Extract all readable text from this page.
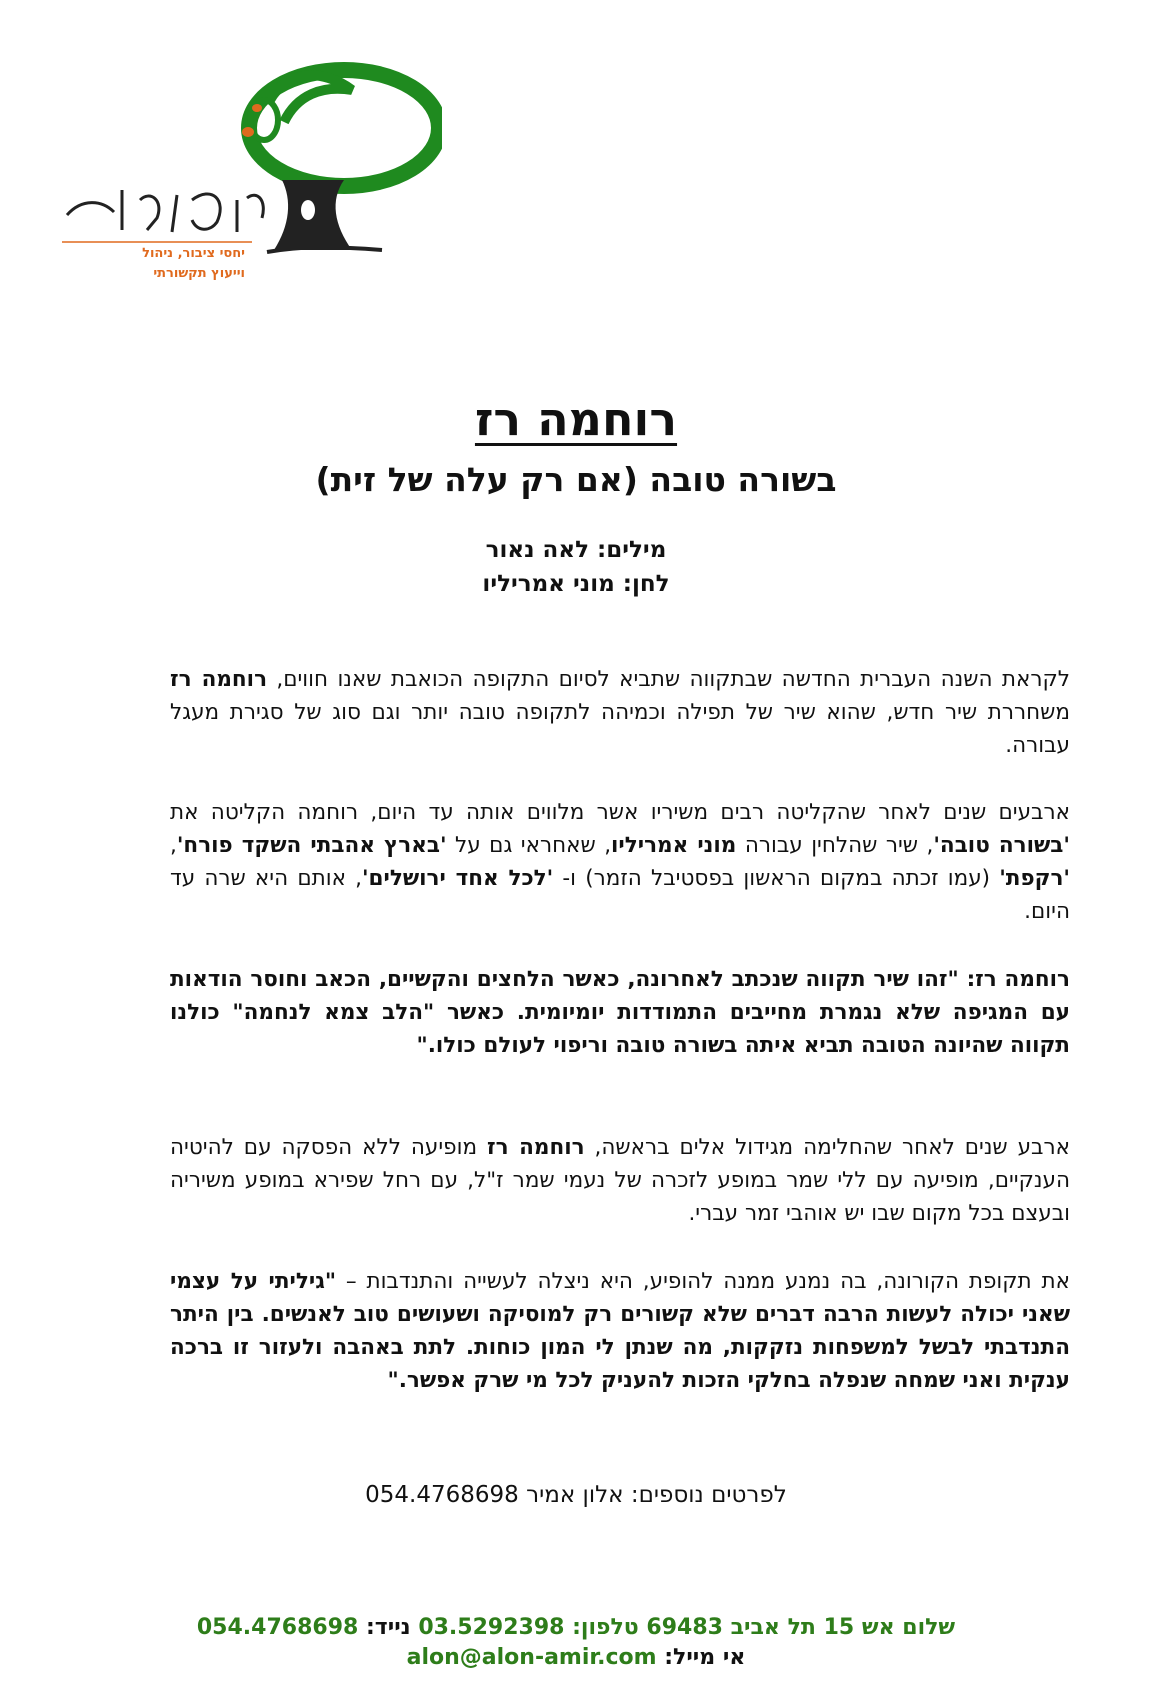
יחסי ציבור, ניהול
וייעוץ תקשורתי
רוחמה רז
בשורה טובה (אם רק עלה של זית)
מילים: לאה נאור
לחן: מוני אמריליו

לקראת השנה העברית החדשה שבתקווה שתביא לסיום התקופה הכואבת שאנו חווים, רוחמה רז משחררת שיר חדש, שהוא שיר של תפילה וכמיהה לתקופה טובה יותר וגם סוג של סגירת מעגל עבורה.

ארבעים שנים לאחר שהקליטה רבים משיריו אשר מלווים אותה עד היום, רוחמה הקליטה את 'בשורה טובה', שיר שהלחין עבורה מוני אמריליו, שאחראי גם על 'בארץ אהבתי השקד פורח', 'רקפת' (עמו זכתה במקום הראשון בפסטיבל הזמר) ו- 'לכל אחד ירושלים', אותם היא שרה עד היום.

רוחמה רז: "זהו שיר תקווה שנכתב לאחרונה, כאשר הלחצים והקשיים, הכאב וחוסר הודאות עם המגיפה שלא נגמרת מחייבים התמודדות יומיומית. כאשר "הלב צמא לנחמה" כולנו תקווה שהיונה הטובה תביא איתה בשורה טובה וריפוי לעולם כולו."

ארבע שנים לאחר שהחלימה מגידול אלים בראשה, רוחמה רז מופיעה ללא הפסקה עם להיטיה הענקיים, מופיעה עם ללי שמר במופע לזכרה של נעמי שמר ז"ל, עם רחל שפירא במופע משיריה ובעצם בכל מקום שבו יש אוהבי זמר עברי.

את תקופת הקורונה, בה נמנע ממנה להופיע, היא ניצלה לעשייה והתנדבות – "גיליתי על עצמי שאני יכולה לעשות הרבה דברים שלא קשורים רק למוסיקה ושעושים טוב לאנשים. בין היתר התנדבתי לבשל למשפחות נזקקות, מה שנתן לי המון כוחות. לתת באהבה ולעזור זו ברכה ענקית ואני שמחה שנפלה בחלקי הזכות להעניק לכל מי שרק אפשר."

לפרטים נוספים: אלון אמיר 054.4768698
שלום אש 15 תל אביב 69483 טלפון: 03.5292398 נייד: 054.4768698
אי מייל: alon@alon-amir.com
